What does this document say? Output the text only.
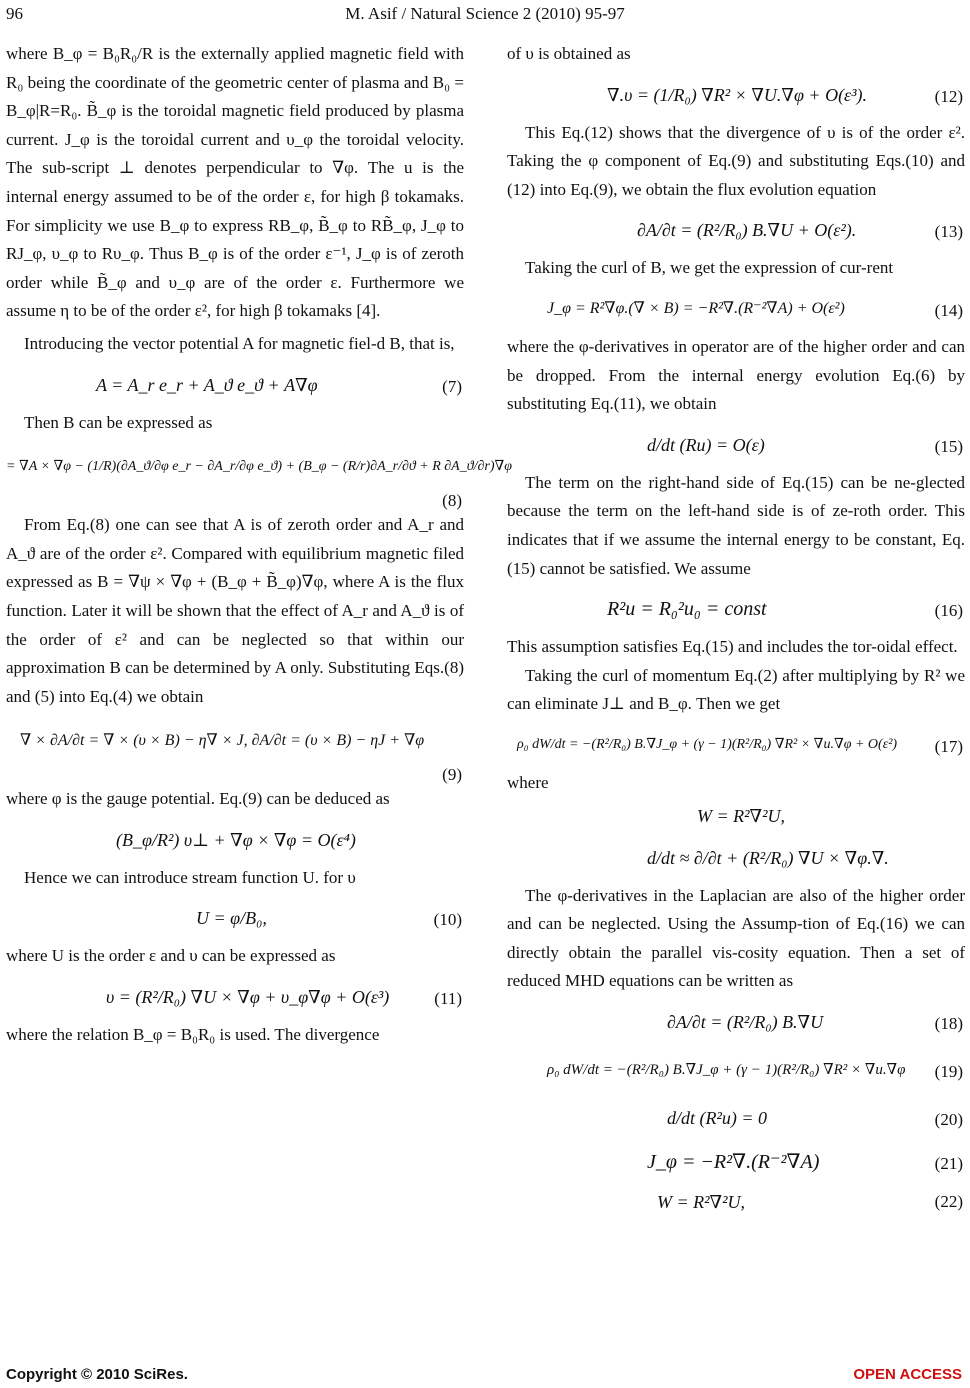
96	M. Asif / Natural Science 2 (2010) 95-97

where B_φ = B₀R₀/R is the externally applied magnetic field with R₀ being the coordinate of the geometric center of plasma and B₀ = B_φ|R=R₀. B̃_φ is the toroidal magnetic field produced by plasma current. J_φ is the toroidal current and υ_φ the toroidal velocity. The sub-script ⊥ denotes perpendicular to ∇φ. The u is the internal energy assumed to be of the order ε, for high β tokamaks. For simplicity we use B_φ to express RB_φ, B̃_φ to RB̃_φ, J_φ to RJ_φ, υ_φ to Rυ_φ. Thus B_φ is of the order ε⁻¹, J_φ is of zeroth order while B̃_φ and υ_φ are of the order ε. Furthermore we assume η to be of the order ε², for high β tokamaks [4].

Introducing the vector potential A for magnetic fiel-d B, that is,

A = A_r e_r + A_ϑ e_ϑ + A∇φ	(7)

Then B can be expressed as

= ∇A × ∇φ − (1/R)(∂A_ϑ/∂φ e_r − ∂A_r/∂φ e_ϑ) + (B_φ − (R/r)∂A_r/∂ϑ + R ∂A_ϑ/∂r)∇φ
(8)

From Eq.(8) one can see that A is of zeroth order and A_r and A_ϑ are of the order ε². Compared with equilibrium magnetic filed expressed as B = ∇ψ × ∇φ + (B_φ + B̃_φ)∇φ, where A is the flux function. Later it will be shown that the effect of A_r and A_ϑ is of the order of ε² and can be neglected so that within our approximation B can be determined by A only. Substituting Eqs.(8) and (5) into Eq.(4) we obtain

∇ × ∂A/∂t = ∇ × (υ × B) − η∇ × J, ∂A/∂t = (υ × B) − ηJ + ∇φ
(9)

where φ is the gauge potential. Eq.(9) can be deduced as

(B_φ/R²) υ⊥ + ∇φ × ∇φ = O(ε⁴)

Hence we can introduce stream function U. for υ

U = φ/B₀,	(10)

where U is the order ε and υ can be expressed as

υ = (R²/R₀) ∇U × ∇φ + υ_φ∇φ + O(ε³)	(11)

where the relation B_φ = B₀R₀ is used. The divergence

of υ is obtained as

∇.υ = (1/R₀) ∇R² × ∇U.∇φ + O(ε³).	(12)

This Eq.(12) shows that the divergence of υ is of the order ε². Taking the φ component of Eq.(9) and substituting Eqs.(10) and (12) into Eq.(9), we obtain the flux evolution equation

∂A/∂t = (R²/R₀) B.∇U + O(ε²).	(13)

Taking the curl of B, we get the expression of cur-rent

J_φ = R²∇φ.(∇ × B) = −R²∇.(R⁻²∇A) + O(ε²)	(14)

where the φ-derivatives in operator are of the higher order and can be dropped. From the internal energy evolution Eq.(6) by substituting Eq.(11), we obtain

d/dt (Ru) = O(ε)	(15)

The term on the right-hand side of Eq.(15) can be ne-glected because the term on the left-hand side is of ze-roth order. This indicates that if we assume the internal energy to be constant, Eq.(15) cannot be satisfied. We assume

R²u = R₀²u₀ = const	(16)

This assumption satisfies Eq.(15) and includes the tor-oidal effect.

Taking the curl of momentum Eq.(2) after multiplying by R² we can eliminate J⊥ and B_φ. Then we get

ρ₀ dW/dt = −(R²/R₀) B.∇J_φ + (γ − 1)(R²/R₀) ∇R² × ∇u.∇φ + O(ε²) (17)

where

W = R²∇²U,
d/dt ≈ ∂/∂t + (R²/R₀) ∇U × ∇φ.∇.

The φ-derivatives in the Laplacian are also of the higher order and can be neglected. Using the Assump-tion of Eq.(16) we can directly obtain the parallel vis-cosity equation. Then a set of reduced MHD equations can be written as

∂A/∂t = (R²/R₀) B.∇U	(18)
ρ₀ dW/dt = −(R²/R₀) B.∇J_φ + (γ − 1)(R²/R₀) ∇R² × ∇u.∇φ (19)
d/dt (R²u) = 0	(20)
J_φ = −R²∇.(R⁻²∇A)	(21)
W = R²∇²U,	(22)
Copyright © 2010 SciRes.	OPEN ACCESS
